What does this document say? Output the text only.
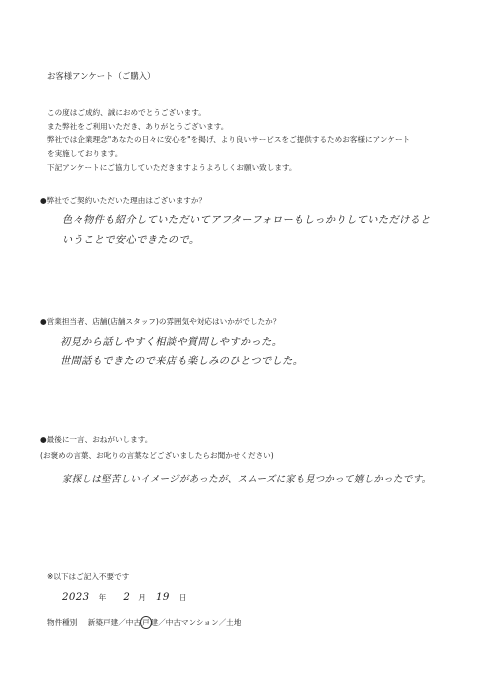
お客様アンケート（ご購入）
この度はご成約、誠におめでとうございます。
また弊社をご利用いただき、ありがとうございます。
弊社では企業理念"あなたの日々に安心を"を掲げ、より良いサービスをご提供するためお客様にアンケート
を実施しております。
下記アンケートにご協力していただきますようよろしくお願い致します。
●弊社でご契約いただいた理由はございますか？
色々物件も紹介していただいてアフターフォローもしっかりしていただけると
いうことで安心できたので。
●営業担当者、店舗(店舗スタッフ)の雰囲気や対応はいかがでしたか？
初見から話しやすく相談や質問しやすかった。
世間話もできたので来店も楽しみのひとつでした。
●最後に一言、おねがいします。
(お褒めの言葉、お叱りの言葉などございましたらお聞かせください)
家探しは堅苦しいイメージがあったが、スムーズに家も見つかって嬉しかったです。
※以下はご記入不要です
2023 年 2 月 19 日
物件種別 新築戸建／中古戸建／中古マンション／土地
